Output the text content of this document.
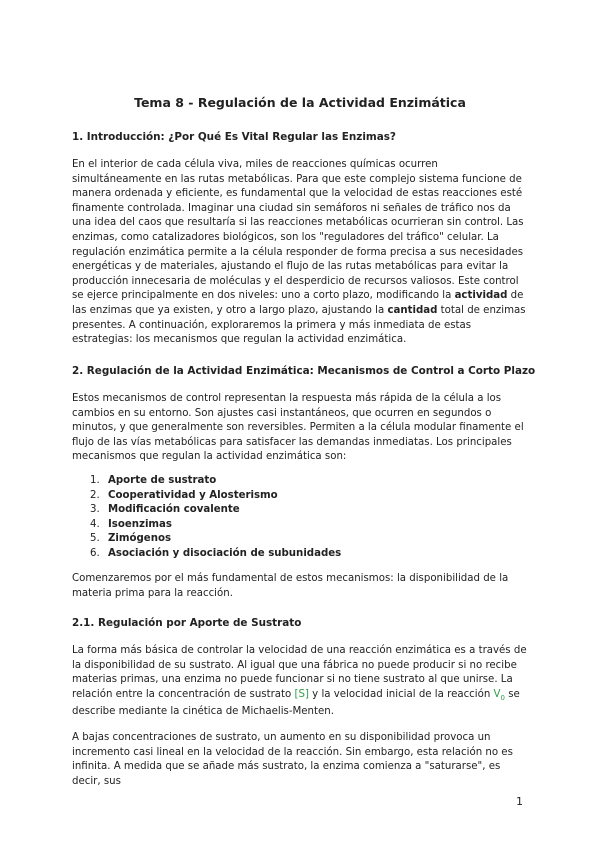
Tema 8 - Regulación de la Actividad Enzimática
1. Introducción: ¿Por Qué Es Vital Regular las Enzimas?

En el interior de cada célula viva, miles de reacciones químicas ocurren simultáneamente en las rutas metabólicas. Para que este complejo sistema funcione de manera ordenada y eficiente, es fundamental que la velocidad de estas reacciones esté finamente controlada. Imaginar una ciudad sin semáforos ni señales de tráfico nos da una idea del caos que resultaría si las reacciones metabólicas ocurrieran sin control. Las enzimas, como catalizadores biológicos, son los "reguladores del tráfico" celular. La regulación enzimática permite a la célula responder de forma precisa a sus necesidades energéticas y de materiales, ajustando el flujo de las rutas metabólicas para evitar la producción innecesaria de moléculas y el desperdicio de recursos valiosos. Este control se ejerce principalmente en dos niveles: uno a corto plazo, modificando la actividad de las enzimas que ya existen, y otro a largo plazo, ajustando la cantidad total de enzimas presentes. A continuación, exploraremos la primera y más inmediata de estas estrategias: los mecanismos que regulan la actividad enzimática.

2. Regulación de la Actividad Enzimática: Mecanismos de Control a Corto Plazo

Estos mecanismos de control representan la respuesta más rápida de la célula a los cambios en su entorno. Son ajustes casi instantáneos, que ocurren en segundos o minutos, y que generalmente son reversibles. Permiten a la célula modular finamente el flujo de las vías metabólicas para satisfacer las demandas inmediatas. Los principales mecanismos que regulan la actividad enzimática son:

1. Aporte de sustrato
2. Cooperatividad y Alosterismo
3. Modificación covalente
4. Isoenzimas
5. Zimógenos
6. Asociación y disociación de subunidades

Comenzaremos por el más fundamental de estos mecanismos: la disponibilidad de la materia prima para la reacción.

2.1. Regulación por Aporte de Sustrato

La forma más básica de controlar la velocidad de una reacción enzimática es a través de la disponibilidad de su sustrato. Al igual que una fábrica no puede producir si no recibe materias primas, una enzima no puede funcionar si no tiene sustrato al que unirse. La relación entre la concentración de sustrato [S] y la velocidad inicial de la reacción $V_0$ se describe mediante la cinética de Michaelis-Menten.

A bajas concentraciones de sustrato, un aumento en su disponibilidad provoca un incremento casi lineal en la velocidad de la reacción. Sin embargo, esta relación no es infinita. A medida que se añade más sustrato, la enzima comienza a "saturarse", es decir, sus

1
